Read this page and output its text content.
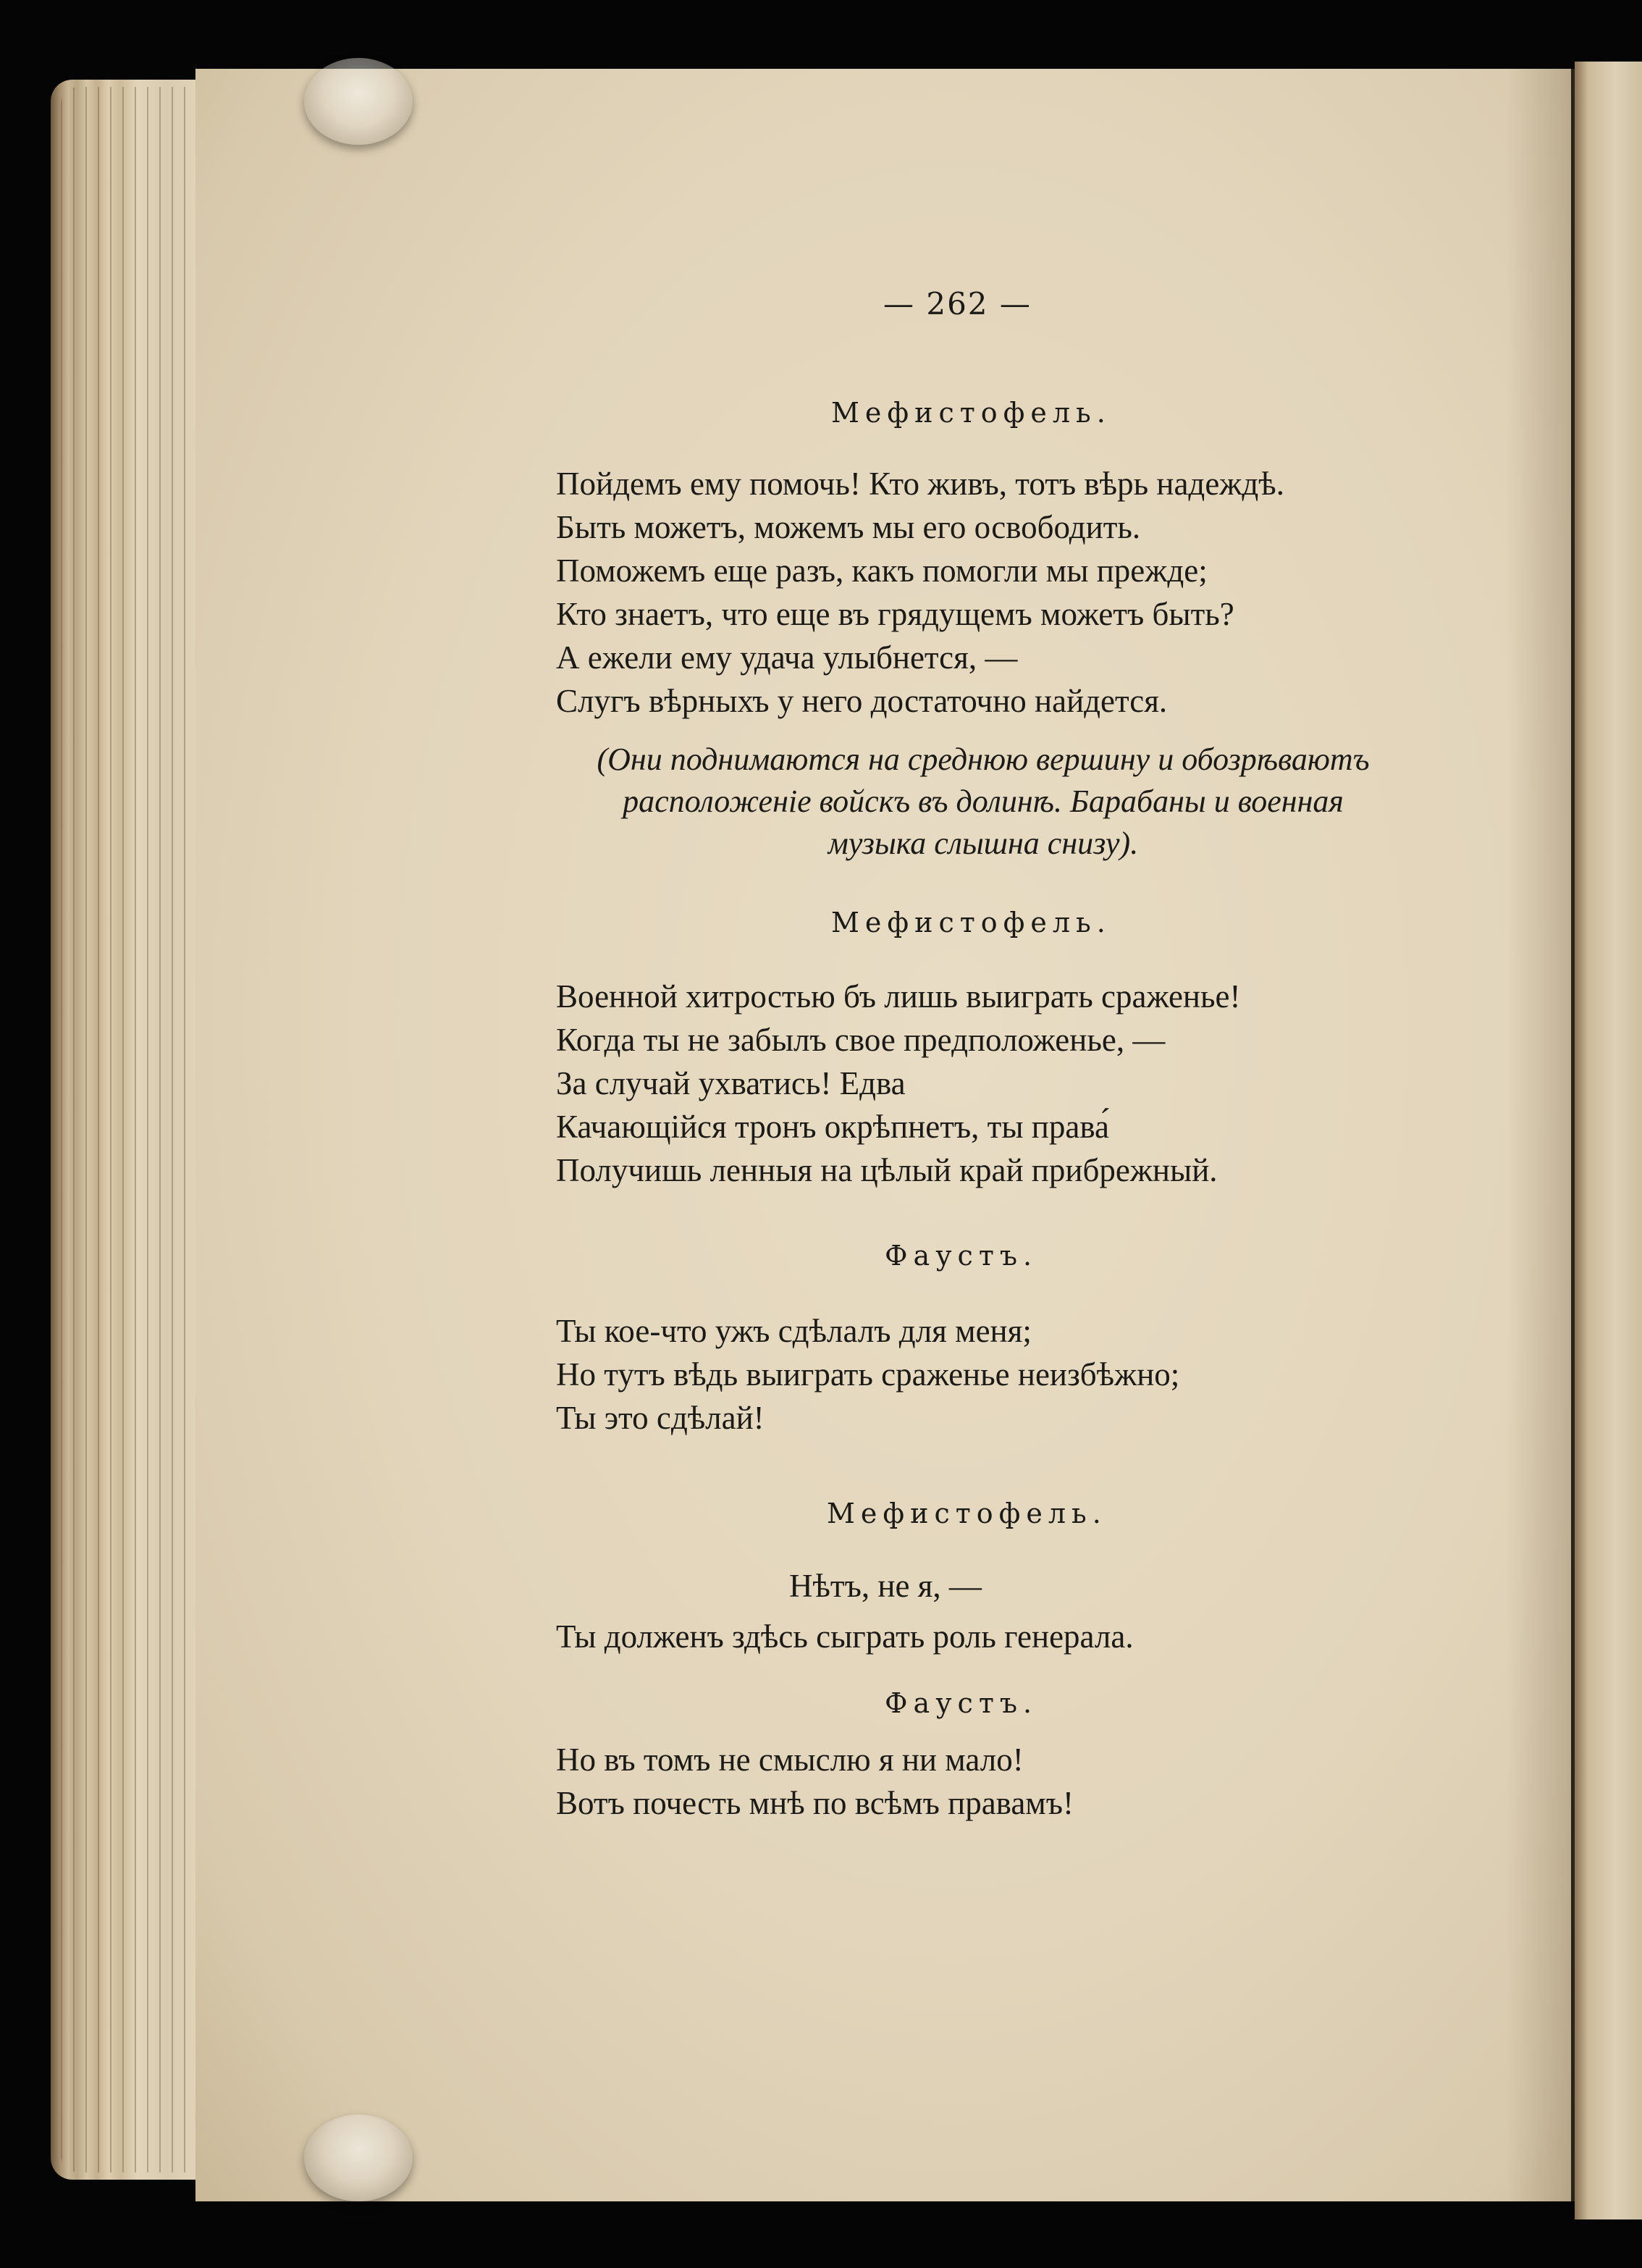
— 262 —
Мефистофель.
Пойдемъ ему помочь! Кто живъ, тотъ вѣрь надеждѣ.
Быть можетъ, можемъ мы его освободить.
Поможемъ еще разъ, какъ помогли мы прежде;
Кто знаетъ, что еще въ грядущемъ можетъ быть?
А ежели ему удача улыбнется, —
Слугъ вѣрныхъ у него достаточно найдется.
(Они поднимаются на среднюю вершину и обозрѣваютъ
расположенiе войскъ въ долинѣ. Барабаны и военная
музыка слышна снизу).
Мефистофель.
Военной хитростью бъ лишь выиграть сраженье!
Когда ты не забылъ свое предположенье, —
За случай ухватись! Едва
Качающiйся тронъ окрѣпнетъ, ты права́
Получишь ленныя на цѣлый край прибрежный.
Фаустъ.
Ты кое-что ужъ сдѣлалъ для меня;
Но тутъ вѣдь выиграть сраженье неизбѣжно;
Ты это сдѣлай!
Мефистофель.
Нѣтъ, не я, —
Ты долженъ здѣсь сыграть роль генерала.
Фаустъ.
Но въ томъ не смыслю я ни мало!
Вотъ почесть мнѣ по всѣмъ правамъ!
